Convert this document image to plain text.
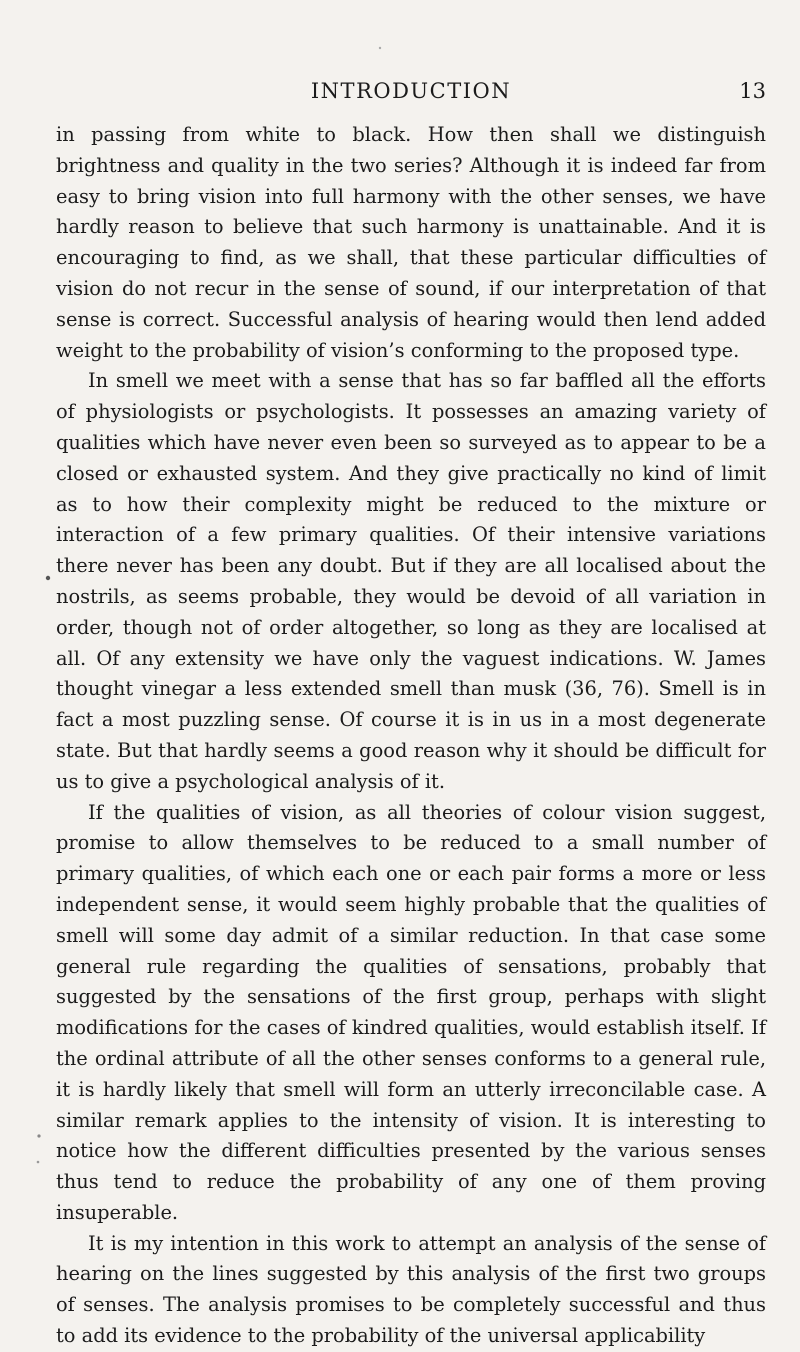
INTRODUCTION	13

in passing from white to black. How then shall we distinguish brightness and quality in the two series? Although it is indeed far from easy to bring vision into full harmony with the other senses, we have hardly reason to believe that such harmony is unattainable. And it is encouraging to find, as we shall, that these particular difficulties of vision do not recur in the sense of sound, if our interpretation of that sense is correct. Successful analysis of hearing would then lend added weight to the probability of vision’s conforming to the proposed type.

In smell we meet with a sense that has so far baffled all the efforts of physiologists or psychologists. It possesses an amazing variety of qualities which have never even been so surveyed as to appear to be a closed or exhausted system. And they give practically no kind of limit as to how their complexity might be reduced to the mixture or interaction of a few primary qualities. Of their intensive variations there never has been any doubt. But if they are all localised about the nostrils, as seems probable, they would be devoid of all variation in order, though not of order altogether, so long as they are localised at all. Of any extensity we have only the vaguest indications. W. James thought vinegar a less extended smell than musk (36, 76). Smell is in fact a most puzzling sense. Of course it is in us in a most degenerate state. But that hardly seems a good reason why it should be difficult for us to give a psychological analysis of it.

If the qualities of vision, as all theories of colour vision suggest, promise to allow themselves to be reduced to a small number of primary qualities, of which each one or each pair forms a more or less independent sense, it would seem highly probable that the qualities of smell will some day admit of a similar reduction. In that case some general rule regarding the qualities of sensations, probably that suggested by the sensations of the first group, perhaps with slight modifications for the cases of kindred qualities, would establish itself. If the ordinal attribute of all the other senses conforms to a general rule, it is hardly likely that smell will form an utterly irreconcilable case. A similar remark applies to the intensity of vision. It is interesting to notice how the different difficulties presented by the various senses thus tend to reduce the probability of any one of them proving insuperable.

It is my intention in this work to attempt an analysis of the sense of hearing on the lines suggested by this analysis of the first two groups of senses. The analysis promises to be completely successful and thus to add its evidence to the probability of the universal applicability
